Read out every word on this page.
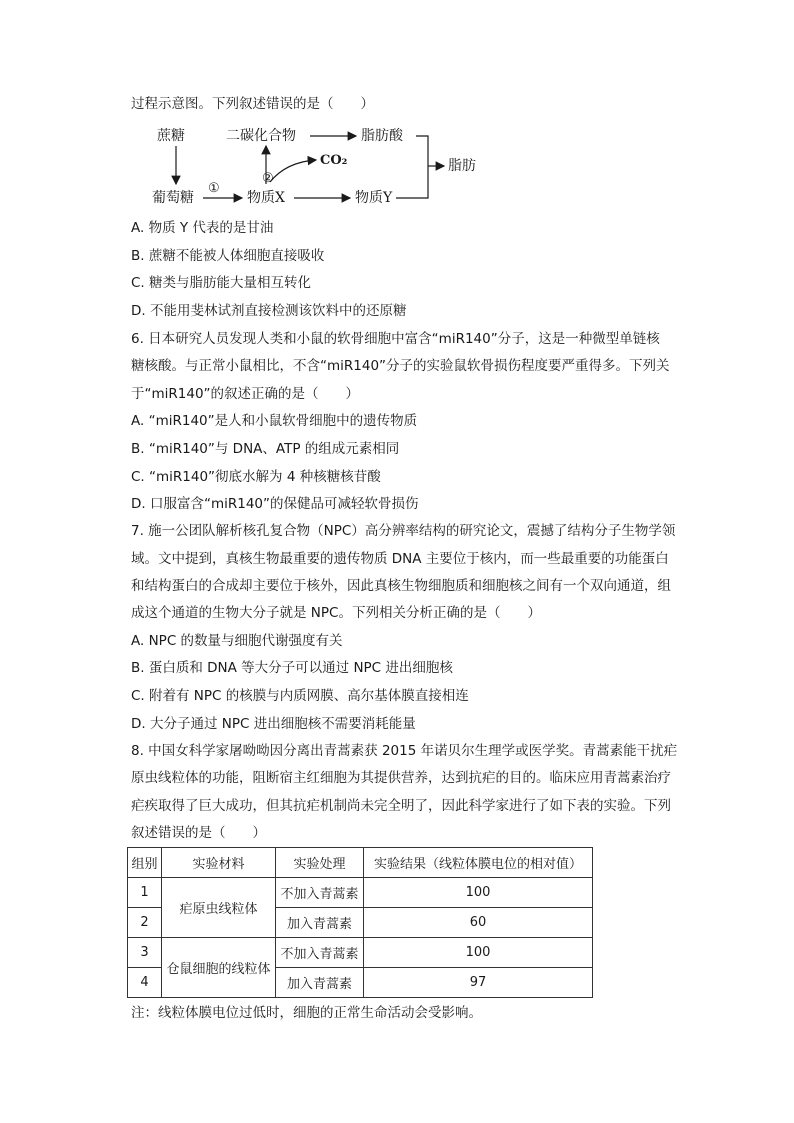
过程示意图。下列叙述错误的是（　　）
蔗糖
葡萄糖
①
物质X
②
二碳化合物
CO₂
脂肪酸
物质Y
脂肪
A. 物质 Y 代表的是甘油
B. 蔗糖不能被人体细胞直接吸收
C. 糖类与脂肪能大量相互转化
D. 不能用斐林试剂直接检测该饮料中的还原糖
6. 日本研究人员发现人类和小鼠的软骨细胞中富含“miR140”分子，这是一种微型单链核
糖核酸。与正常小鼠相比，不含“miR140”分子的实验鼠软骨损伤程度要严重得多。下列关
于“miR140”的叙述正确的是（　　）
A. “miR140”是人和小鼠软骨细胞中的遗传物质
B. “miR140”与 DNA、ATP 的组成元素相同
C. “miR140”彻底水解为 4 种核糖核苷酸
D. 口服富含“miR140”的保健品可减轻软骨损伤
7. 施一公团队解析核孔复合物（NPC）高分辨率结构的研究论文，震撼了结构分子生物学领
域。文中提到，真核生物最重要的遗传物质 DNA 主要位于核内，而一些最重要的功能蛋白
和结构蛋白的合成却主要位于核外，因此真核生物细胞质和细胞核之间有一个双向通道，组
成这个通道的生物大分子就是 NPC。下列相关分析正确的是（　　）
A. NPC 的数量与细胞代谢强度有关
B. 蛋白质和 DNA 等大分子可以通过 NPC 进出细胞核
C. 附着有 NPC 的核膜与内质网膜、高尔基体膜直接相连
D. 大分子通过 NPC 进出细胞核不需要消耗能量
8. 中国女科学家屠呦呦因分离出青蒿素获 2015 年诺贝尔生理学或医学奖。青蒿素能干扰疟
原虫线粒体的功能，阻断宿主红细胞为其提供营养，达到抗疟的目的。临床应用青蒿素治疗
疟疾取得了巨大成功，但其抗疟机制尚未完全明了，因此科学家进行了如下表的实验。下列
叙述错误的是（　　）
组别	实验材料	实验处理	实验结果（线粒体膜电位的相对值）
1	疟原虫线粒体	不加入青蒿素	100
2		加入青蒿素	60
3	仓鼠细胞的线粒体	不加入青蒿素	100
4		加入青蒿素	97
注：线粒体膜电位过低时，细胞的正常生命活动会受影响。
